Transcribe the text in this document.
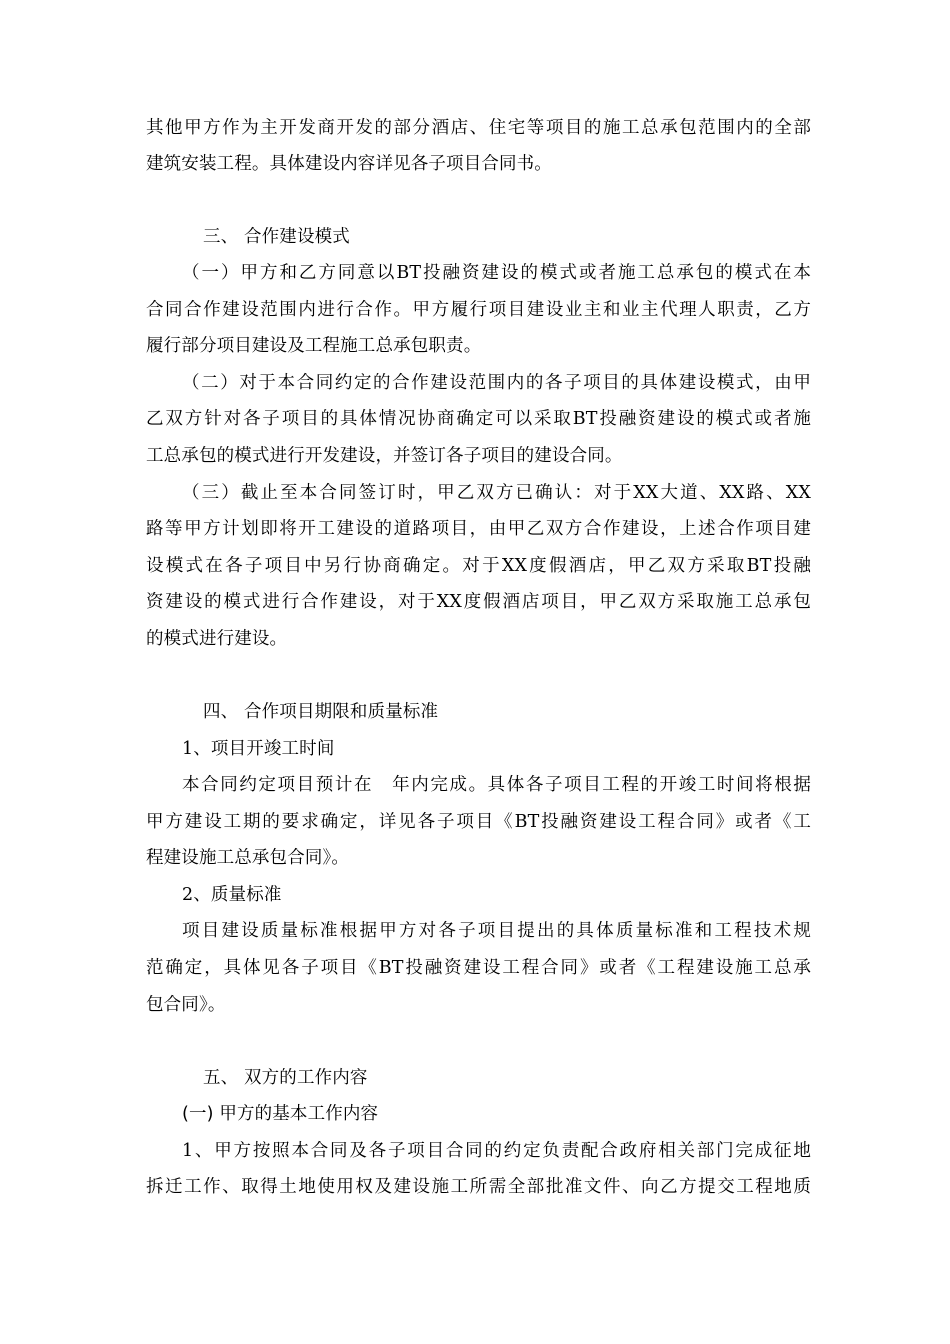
其他甲方作为主开发商开发的部分酒店、住宅等项目的施工总承包范围内的全部
建筑安装工程。具体建设内容详见各子项目合同书。
三、 合作建设模式
（一）甲方和乙方同意以BT投融资建设的模式或者施工总承包的模式在本
合同合作建设范围内进行合作。甲方履行项目建设业主和业主代理人职责，乙方
履行部分项目建设及工程施工总承包职责。
（二）对于本合同约定的合作建设范围内的各子项目的具体建设模式，由甲
乙双方针对各子项目的具体情况协商确定可以采取BT投融资建设的模式或者施
工总承包的模式进行开发建设，并签订各子项目的建设合同。
（三）截止至本合同签订时，甲乙双方已确认：对于XX大道、XX路、XX
路等甲方计划即将开工建设的道路项目，由甲乙双方合作建设，上述合作项目建
设模式在各子项目中另行协商确定。对于XX度假酒店，甲乙双方采取BT投融
资建设的模式进行合作建设，对于XX度假酒店项目，甲乙双方采取施工总承包
的模式进行建设。
四、 合作项目期限和质量标准
1、项目开竣工时间
本合同约定项目预计在　年内完成。具体各子项目工程的开竣工时间将根据
甲方建设工期的要求确定，详见各子项目《BT投融资建设工程合同》或者《工
程建设施工总承包合同》。
2、质量标准
项目建设质量标准根据甲方对各子项目提出的具体质量标准和工程技术规
范确定，具体见各子项目《BT投融资建设工程合同》或者《工程建设施工总承
包合同》。
五、 双方的工作内容
(一) 甲方的基本工作内容
1、甲方按照本合同及各子项目合同的约定负责配合政府相关部门完成征地
拆迁工作、取得土地使用权及建设施工所需全部批准文件、向乙方提交工程地质
